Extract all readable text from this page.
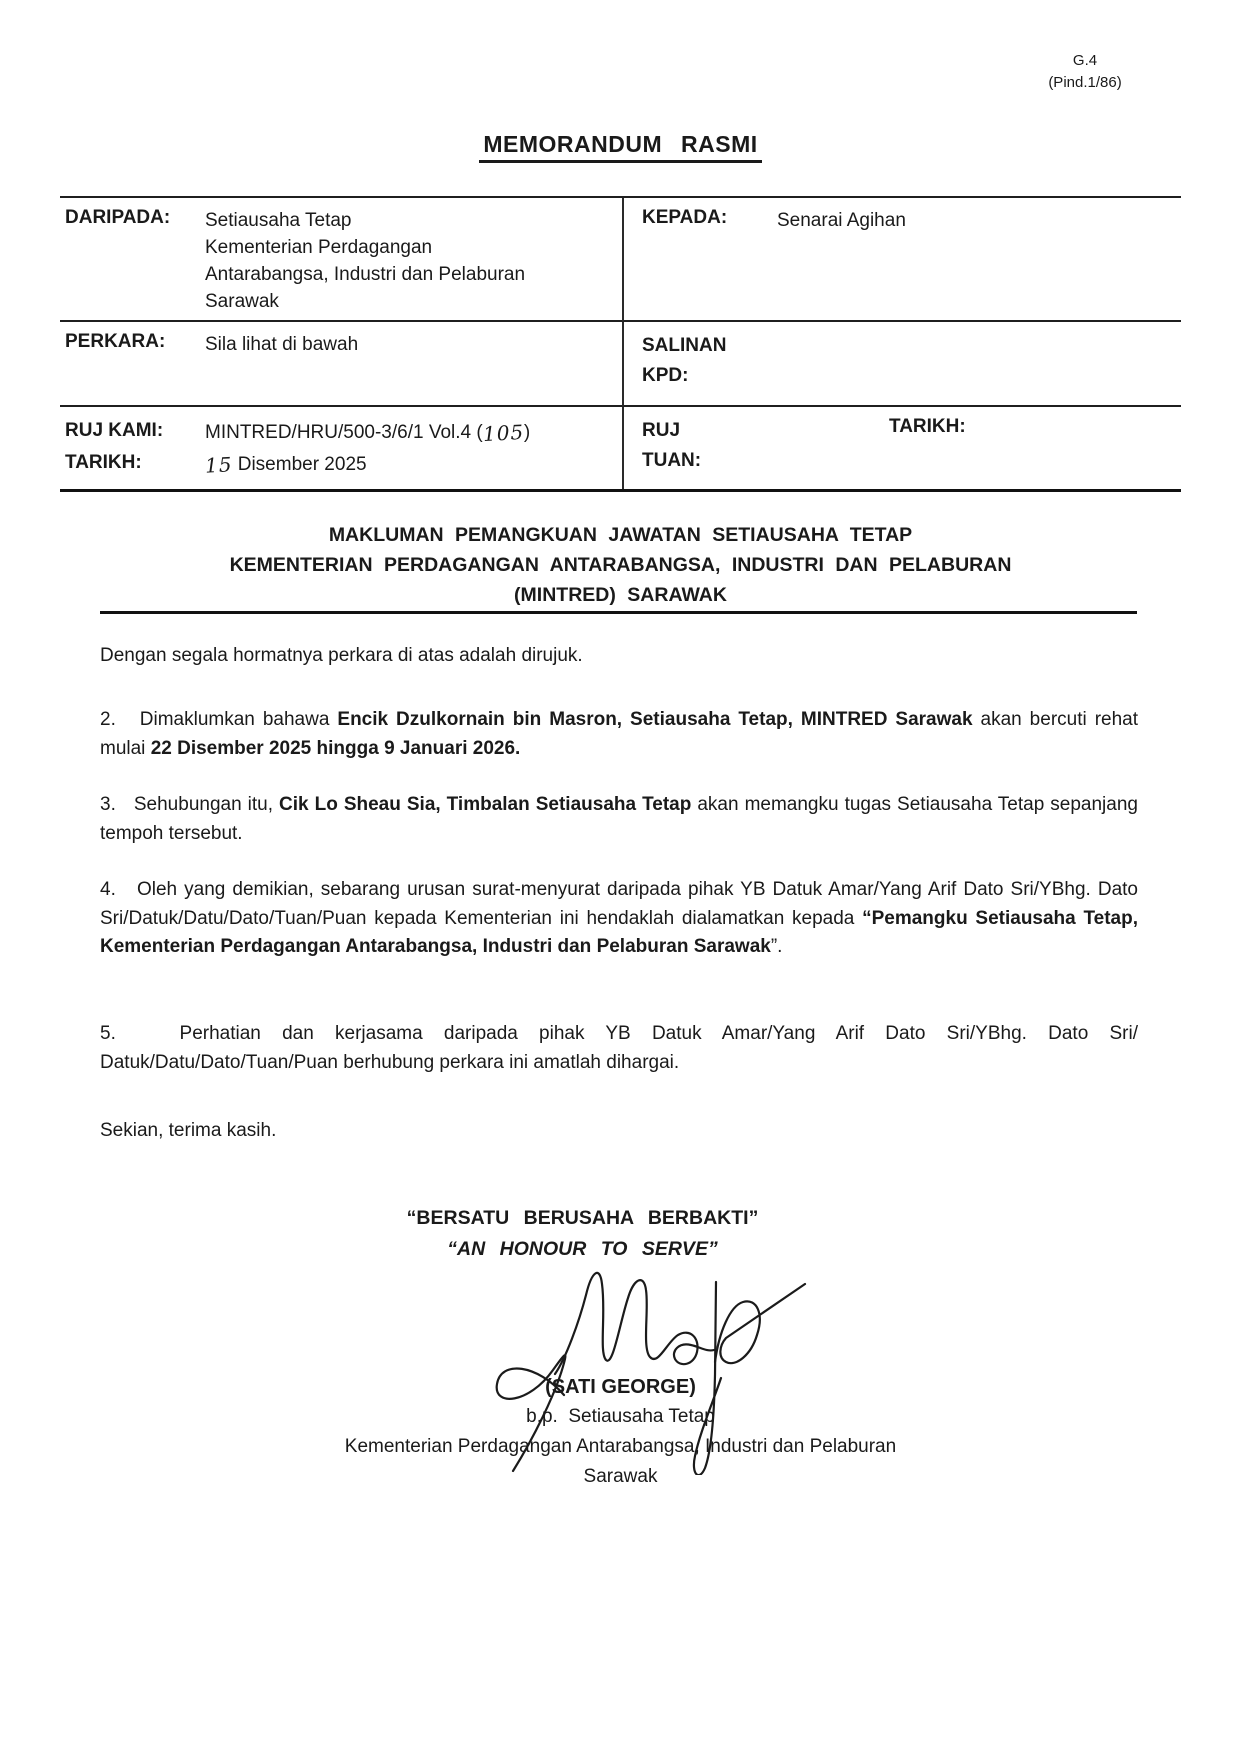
G.4
(Pind.1/86)
MEMORANDUM RASMI
DARIPADA:	Setiausaha Tetap
Kementerian Perdagangan
Antarabangsa, Industri dan Pelaburan
Sarawak
KEPADA:	Senarai Agihan
PERKARA:	Sila lihat di bawah	SALINAN
KPD:
RUJ KAMI:	MINTRED/HRU/500-3/6/1 Vol.4 (105)
TARIKH:	15 Disember 2025
RUJ
TUAN:
TARIKH:
MAKLUMAN PEMANGKUAN JAWATAN SETIAUSAHA TETAP
KEMENTERIAN PERDAGANGAN ANTARABANGSA, INDUSTRI DAN PELABURAN
(MINTRED) SARAWAK
Dengan segala hormatnya perkara di atas adalah dirujuk.
2.   Dimaklumkan bahawa Encik Dzulkornain bin Masron, Setiausaha Tetap, MINTRED Sarawak akan bercuti rehat mulai 22 Disember 2025 hingga 9 Januari 2026.
3.   Sehubungan itu, Cik Lo Sheau Sia, Timbalan Setiausaha Tetap akan memangku tugas Setiausaha Tetap sepanjang tempoh tersebut.
4.   Oleh yang demikian, sebarang urusan surat-menyurat daripada pihak YB Datuk Amar/Yang Arif Dato Sri/YBhg. Dato Sri/Datuk/Datu/Dato/Tuan/Puan kepada Kementerian ini hendaklah dialamatkan kepada “Pemangku Setiausaha Tetap, Kementerian Perdagangan Antarabangsa, Industri dan Pelaburan Sarawak”.
5.   Perhatian dan kerjasama daripada pihak YB Datuk Amar/Yang Arif Dato Sri/YBhg. Dato Sri/ Datuk/Datu/Dato/Tuan/Puan berhubung perkara ini amatlah dihargai.
Sekian, terima kasih.
“BERSATU BERUSAHA BERBAKTI”
“AN HONOUR TO SERVE”
(SATI GEORGE)
b.p.  Setiausaha Tetap
Kementerian Perdagangan Antarabangsa, Industri dan Pelaburan
Sarawak
